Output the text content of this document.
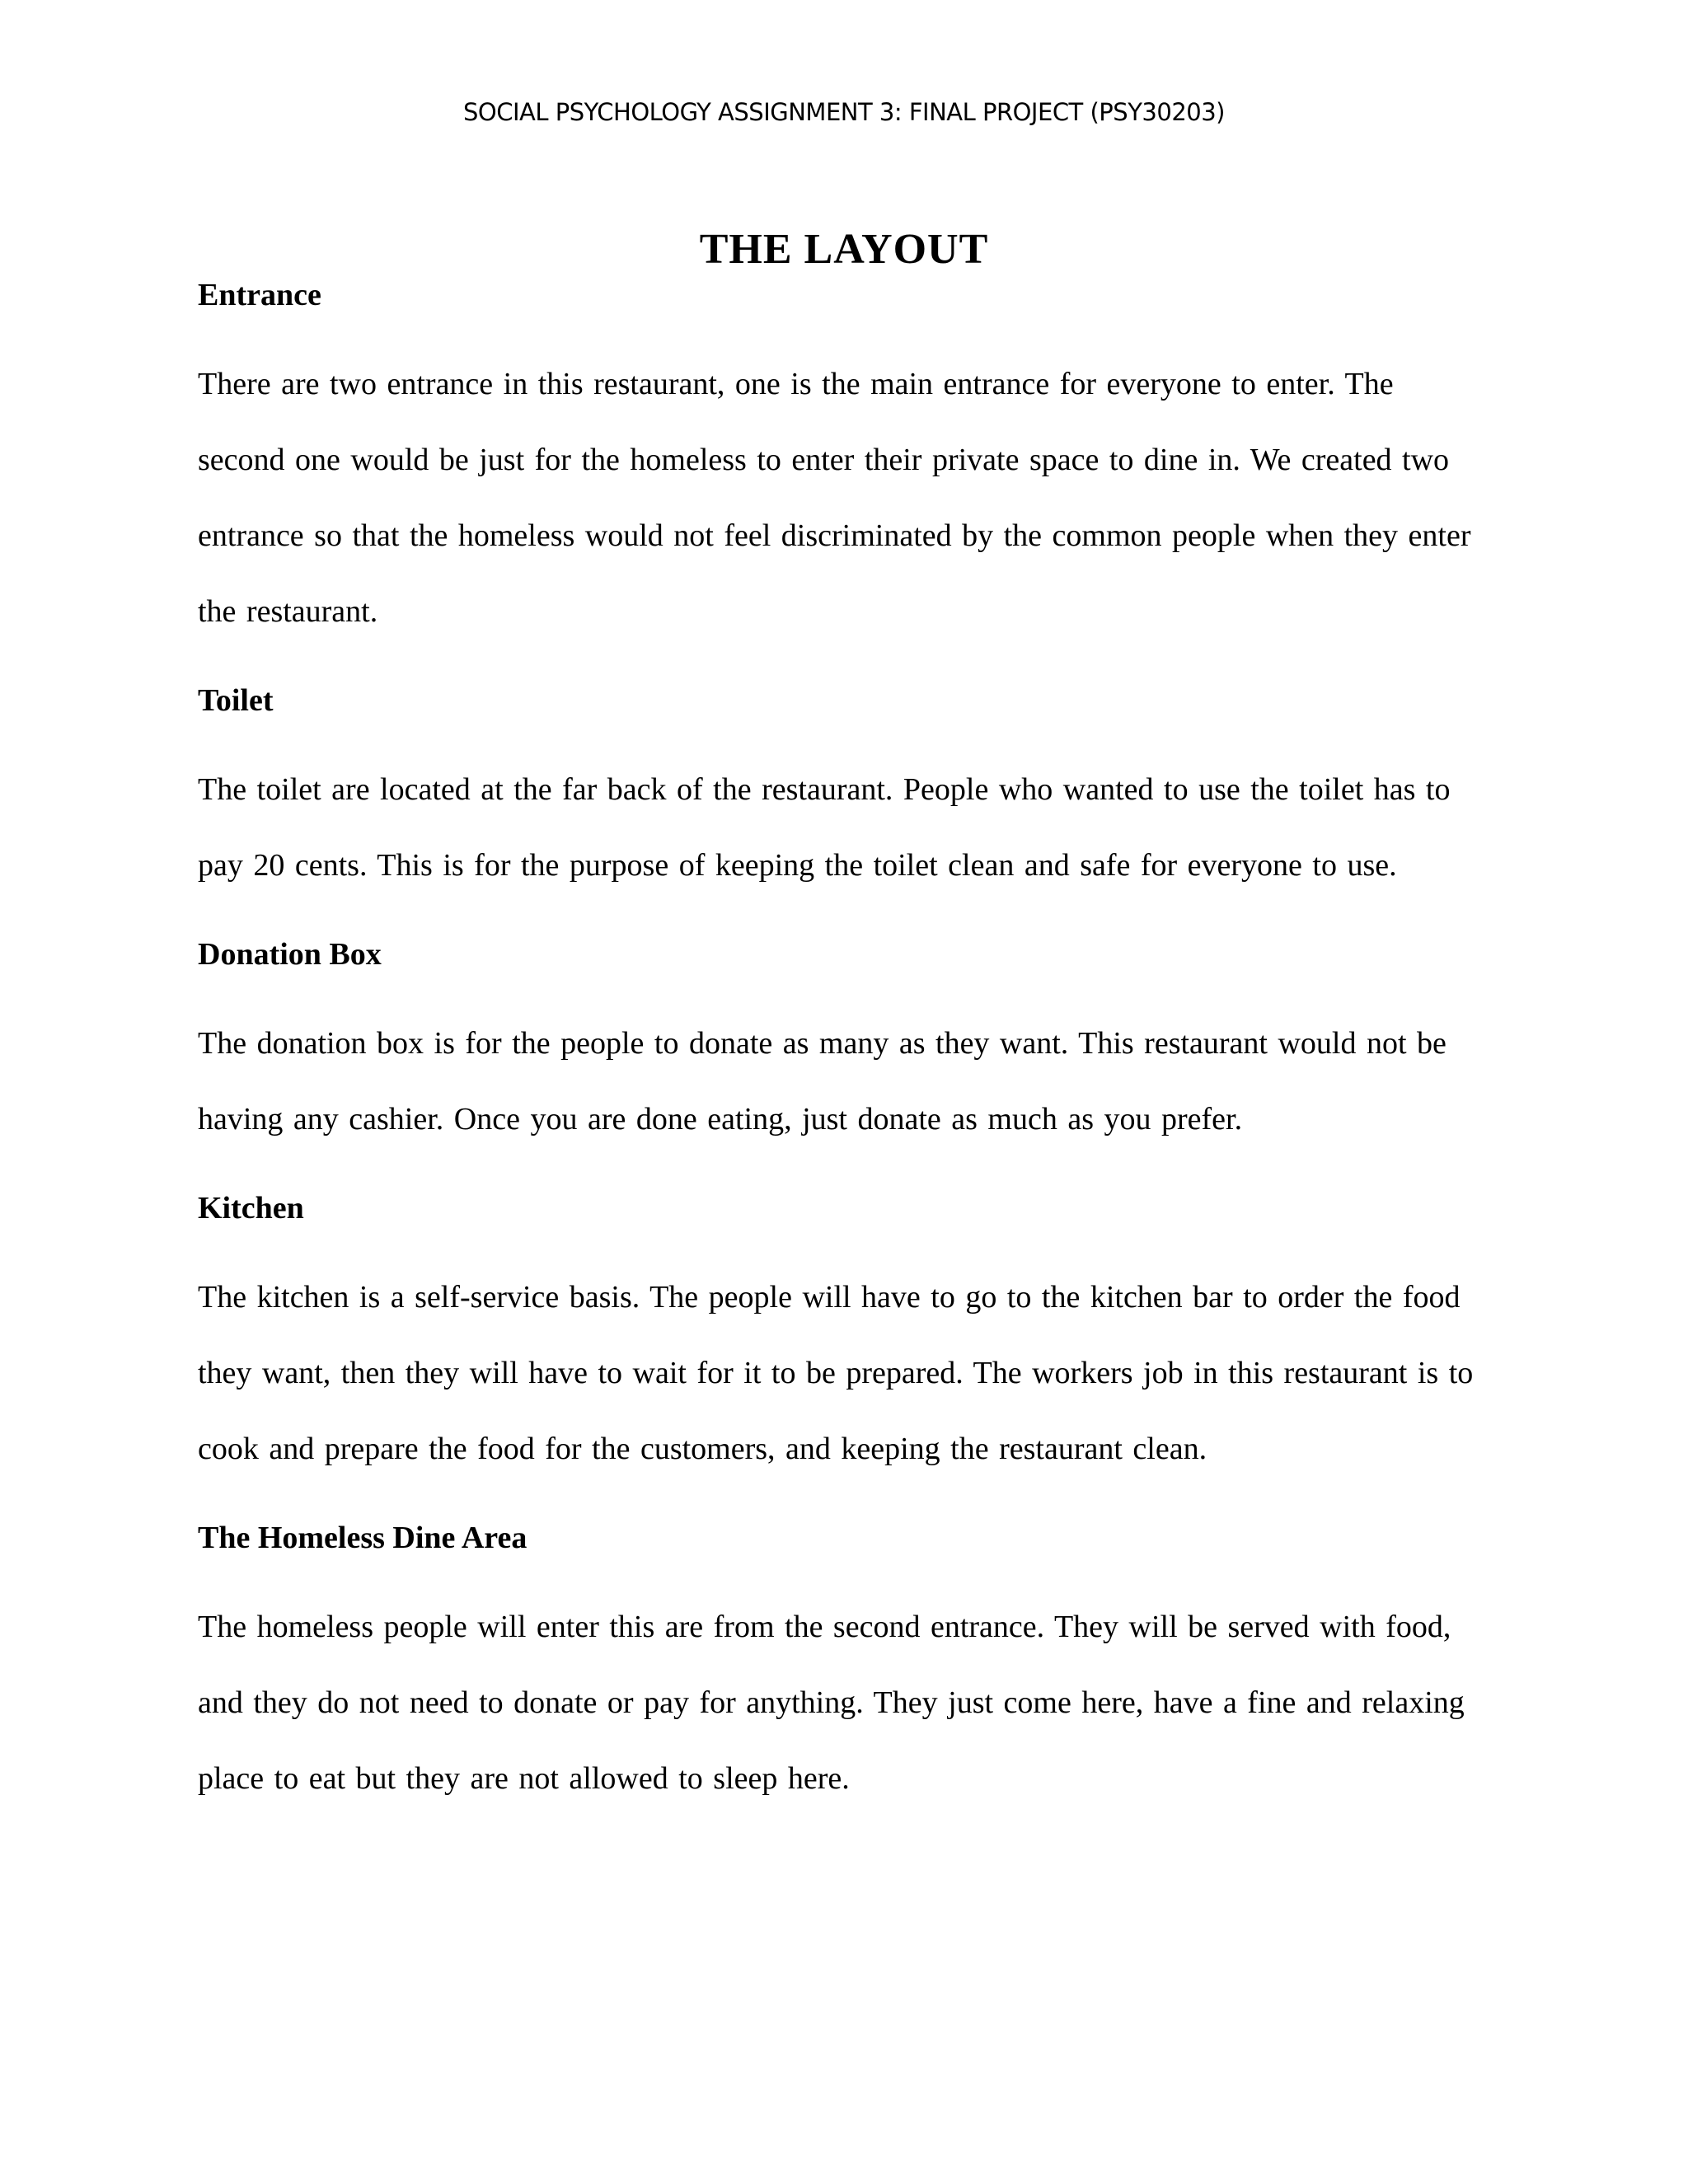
SOCIAL PSYCHOLOGY ASSIGNMENT 3: FINAL PROJECT (PSY30203)
THE LAYOUT
Entrance

There are two entrance in this restaurant, one is the main entrance for everyone to enter. The second one would be just for the homeless to enter their private space to dine in. We created two entrance so that the homeless would not feel discriminated by the common people when they enter the restaurant.

Toilet

The toilet are located at the far back of the restaurant. People who wanted to use the toilet has to pay 20 cents. This is for the purpose of keeping the toilet clean and safe for everyone to use.

Donation Box

The donation box is for the people to donate as many as they want. This restaurant would not be having any cashier. Once you are done eating, just donate as much as you prefer.

Kitchen

The kitchen is a self-service basis. The people will have to go to the kitchen bar to order the food they want, then they will have to wait for it to be prepared. The workers job in this restaurant is to cook and prepare the food for the customers, and keeping the restaurant clean.

The Homeless Dine Area

The homeless people will enter this are from the second entrance. They will be served with food, and they do not need to donate or pay for anything. They just come here, have a fine and relaxing place to eat but they are not allowed to sleep here.
